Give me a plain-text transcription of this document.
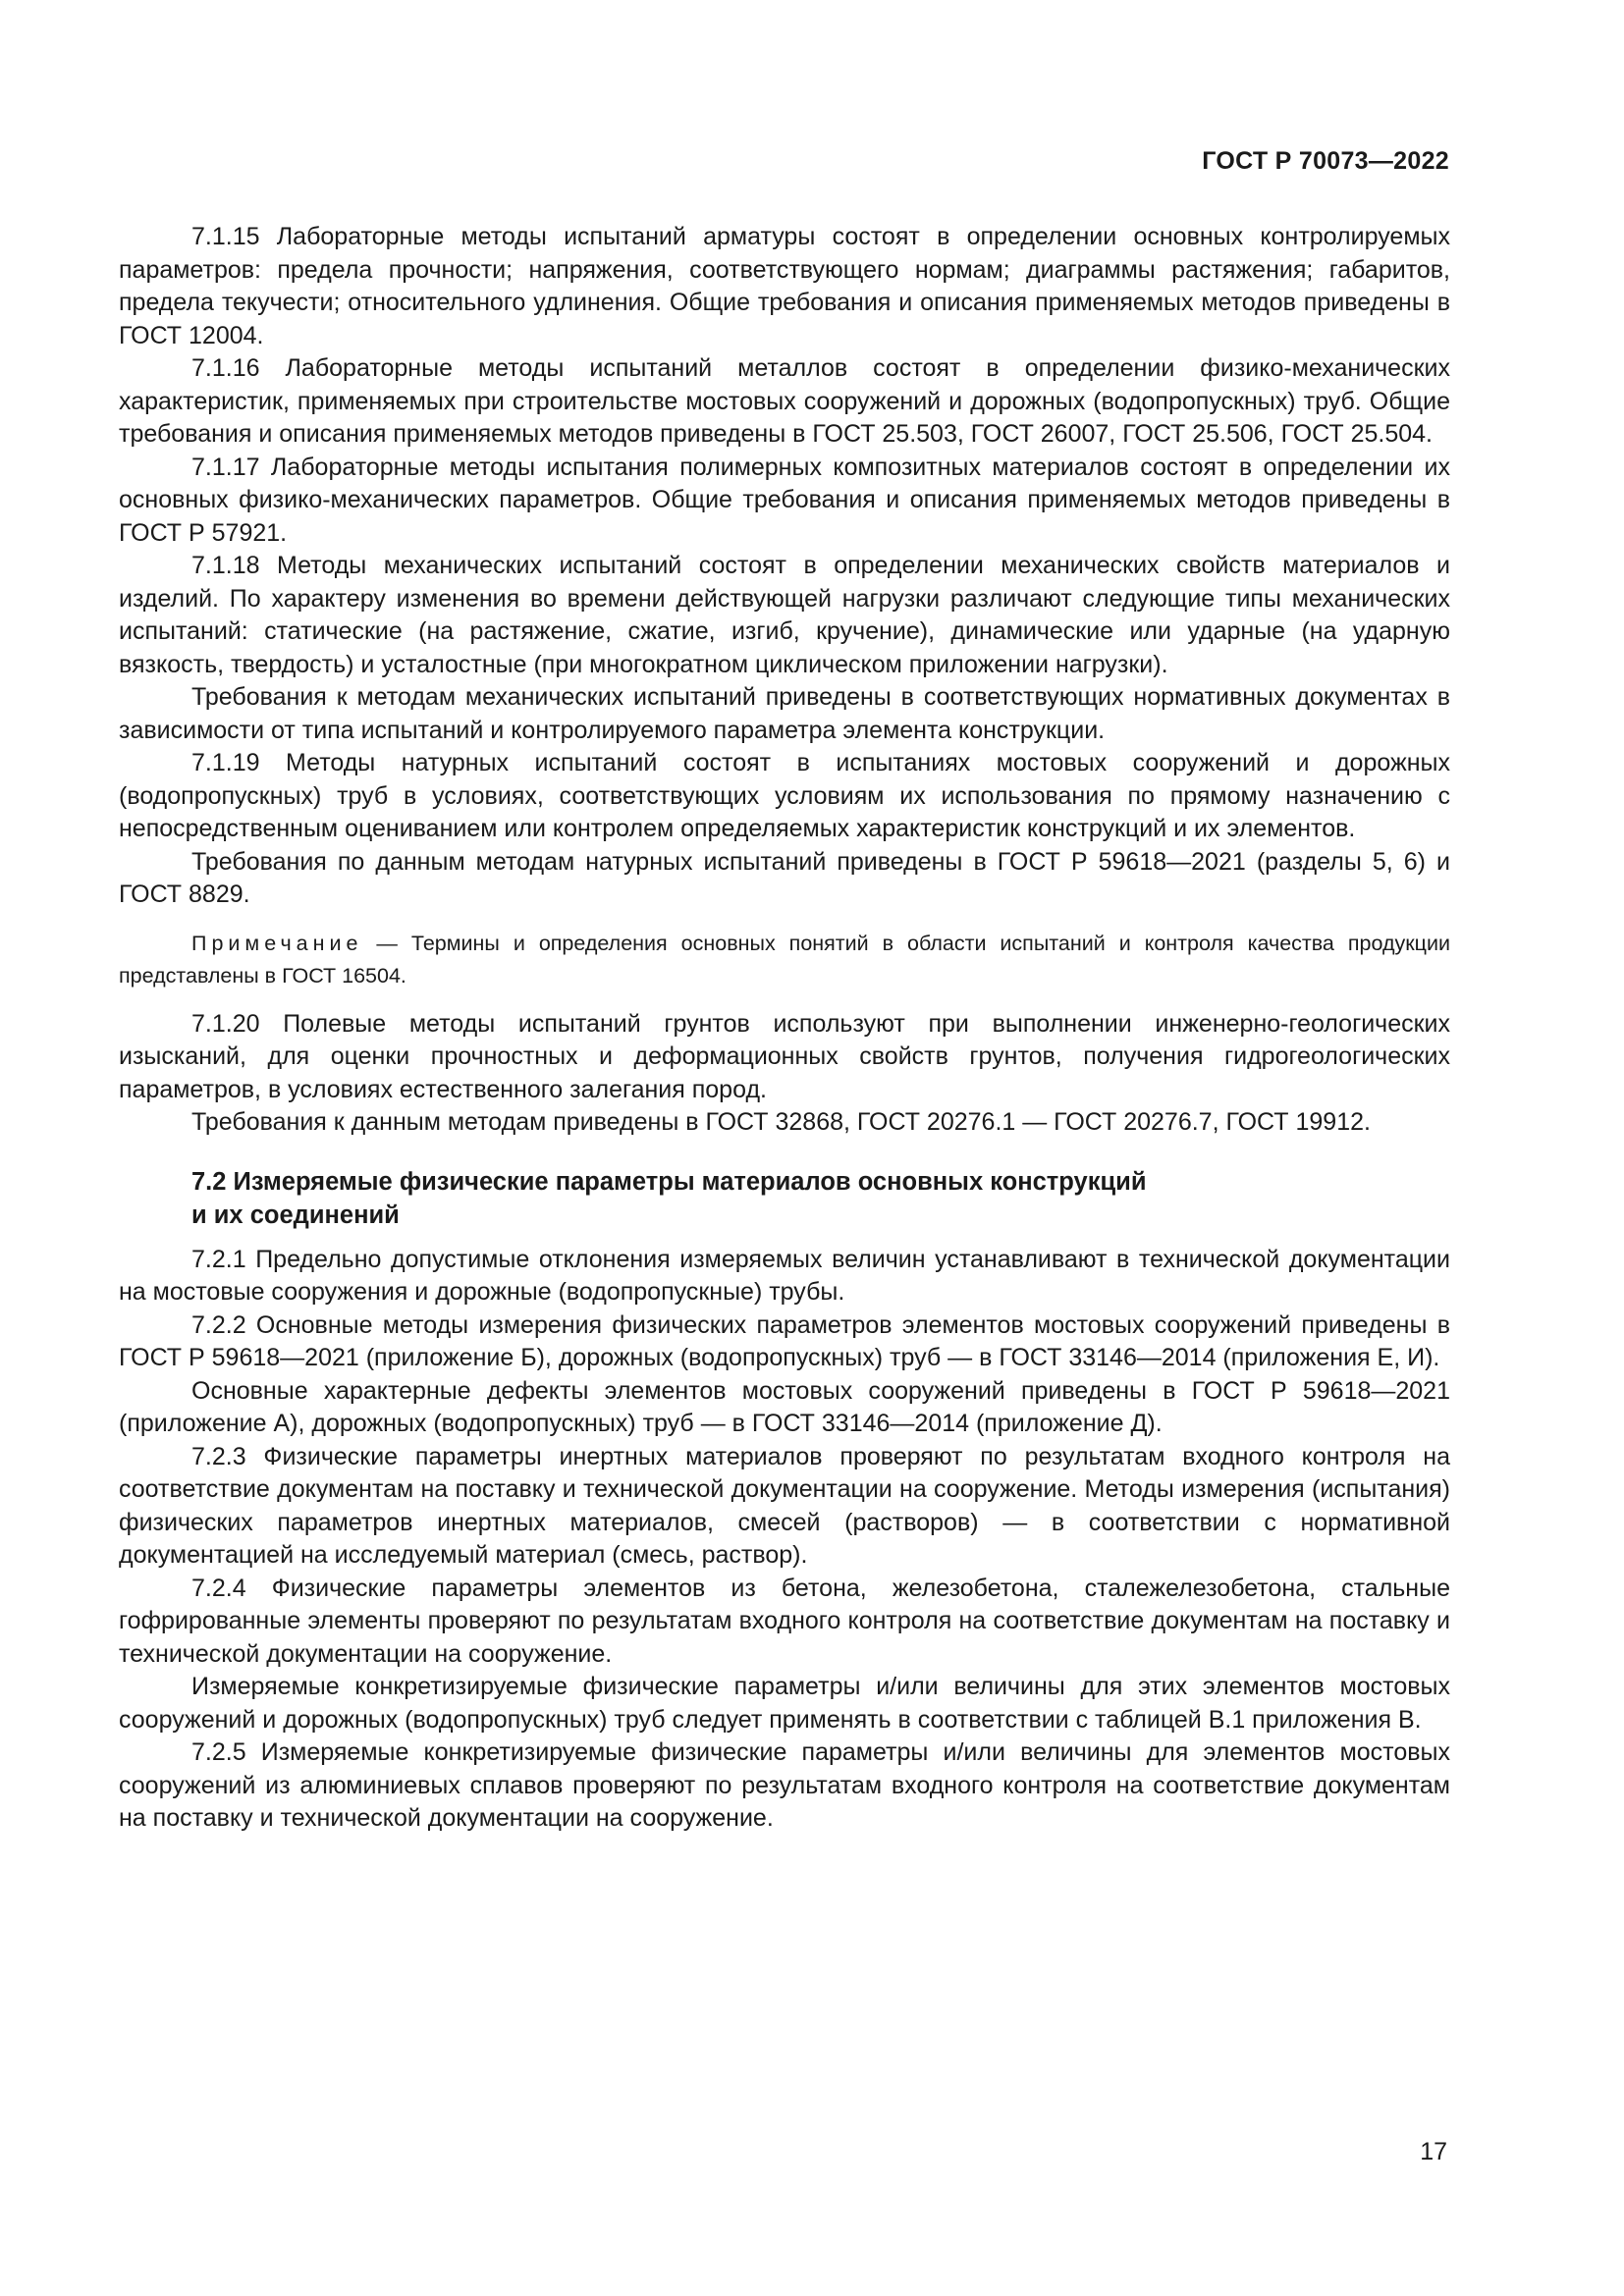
ГОСТ Р 70073—2022

7.1.15 Лабораторные методы испытаний арматуры состоят в определении основных контролируемых параметров: предела прочности; напряжения, соответствующего нормам; диаграммы растяжения; габаритов, предела текучести; относительного удлинения. Общие требования и описания применяемых методов приведены в ГОСТ 12004.

7.1.16 Лабораторные методы испытаний металлов состоят в определении физико-механических характеристик, применяемых при строительстве мостовых сооружений и дорожных (водопропускных) труб. Общие требования и описания применяемых методов приведены в ГОСТ 25.503, ГОСТ 26007, ГОСТ 25.506, ГОСТ 25.504.

7.1.17 Лабораторные методы испытания полимерных композитных материалов состоят в определении их основных физико-механических параметров. Общие требования и описания применяемых методов приведены в ГОСТ Р 57921.

7.1.18 Методы механических испытаний состоят в определении механических свойств материалов и изделий. По характеру изменения во времени действующей нагрузки различают следующие типы механических испытаний: статические (на растяжение, сжатие, изгиб, кручение), динамические или ударные (на ударную вязкость, твердость) и усталостные (при многократном циклическом приложении нагрузки).

Требования к методам механических испытаний приведены в соответствующих нормативных документах в зависимости от типа испытаний и контролируемого параметра элемента конструкции.

7.1.19 Методы натурных испытаний состоят в испытаниях мостовых сооружений и дорожных (водопропускных) труб в условиях, соответствующих условиям их использования по прямому назначению с непосредственным оцениванием или контролем определяемых характеристик конструкций и их элементов.

Требования по данным методам натурных испытаний приведены в ГОСТ Р 59618—2021 (разделы 5, 6) и ГОСТ 8829.

Примечание — Термины и определения основных понятий в области испытаний и контроля качества продукции представлены в ГОСТ 16504.

7.1.20 Полевые методы испытаний грунтов используют при выполнении инженерно-геологических изысканий, для оценки прочностных и деформационных свойств грунтов, получения гидрогеологических параметров, в условиях естественного залегания пород.

Требования к данным методам приведены в ГОСТ 32868, ГОСТ 20276.1 — ГОСТ 20276.7, ГОСТ 19912.

7.2 Измеряемые физические параметры материалов основных конструкций
и их соединений

7.2.1 Предельно допустимые отклонения измеряемых величин устанавливают в технической документации на мостовые сооружения и дорожные (водопропускные) трубы.

7.2.2 Основные методы измерения физических параметров элементов мостовых сооружений приведены в ГОСТ Р 59618—2021 (приложение Б), дорожных (водопропускных) труб — в ГОСТ 33146—2014 (приложения Е, И).

Основные характерные дефекты элементов мостовых сооружений приведены в ГОСТ Р 59618—2021 (приложение А), дорожных (водопропускных) труб — в ГОСТ 33146—2014 (приложение Д).

7.2.3 Физические параметры инертных материалов проверяют по результатам входного контроля на соответствие документам на поставку и технической документации на сооружение. Методы измерения (испытания) физических параметров инертных материалов, смесей (растворов) — в соответствии с нормативной документацией на исследуемый материал (смесь, раствор).

7.2.4 Физические параметры элементов из бетона, железобетона, сталежелезобетона, стальные гофрированные элементы проверяют по результатам входного контроля на соответствие документам на поставку и технической документации на сооружение.

Измеряемые конкретизируемые физические параметры и/или величины для этих элементов мостовых сооружений и дорожных (водопропускных) труб следует применять в соответствии с таблицей В.1 приложения В.

7.2.5 Измеряемые конкретизируемые физические параметры и/или величины для элементов мостовых сооружений из алюминиевых сплавов проверяют по результатам входного контроля на соответствие документам на поставку и технической документации на сооружение.

17
